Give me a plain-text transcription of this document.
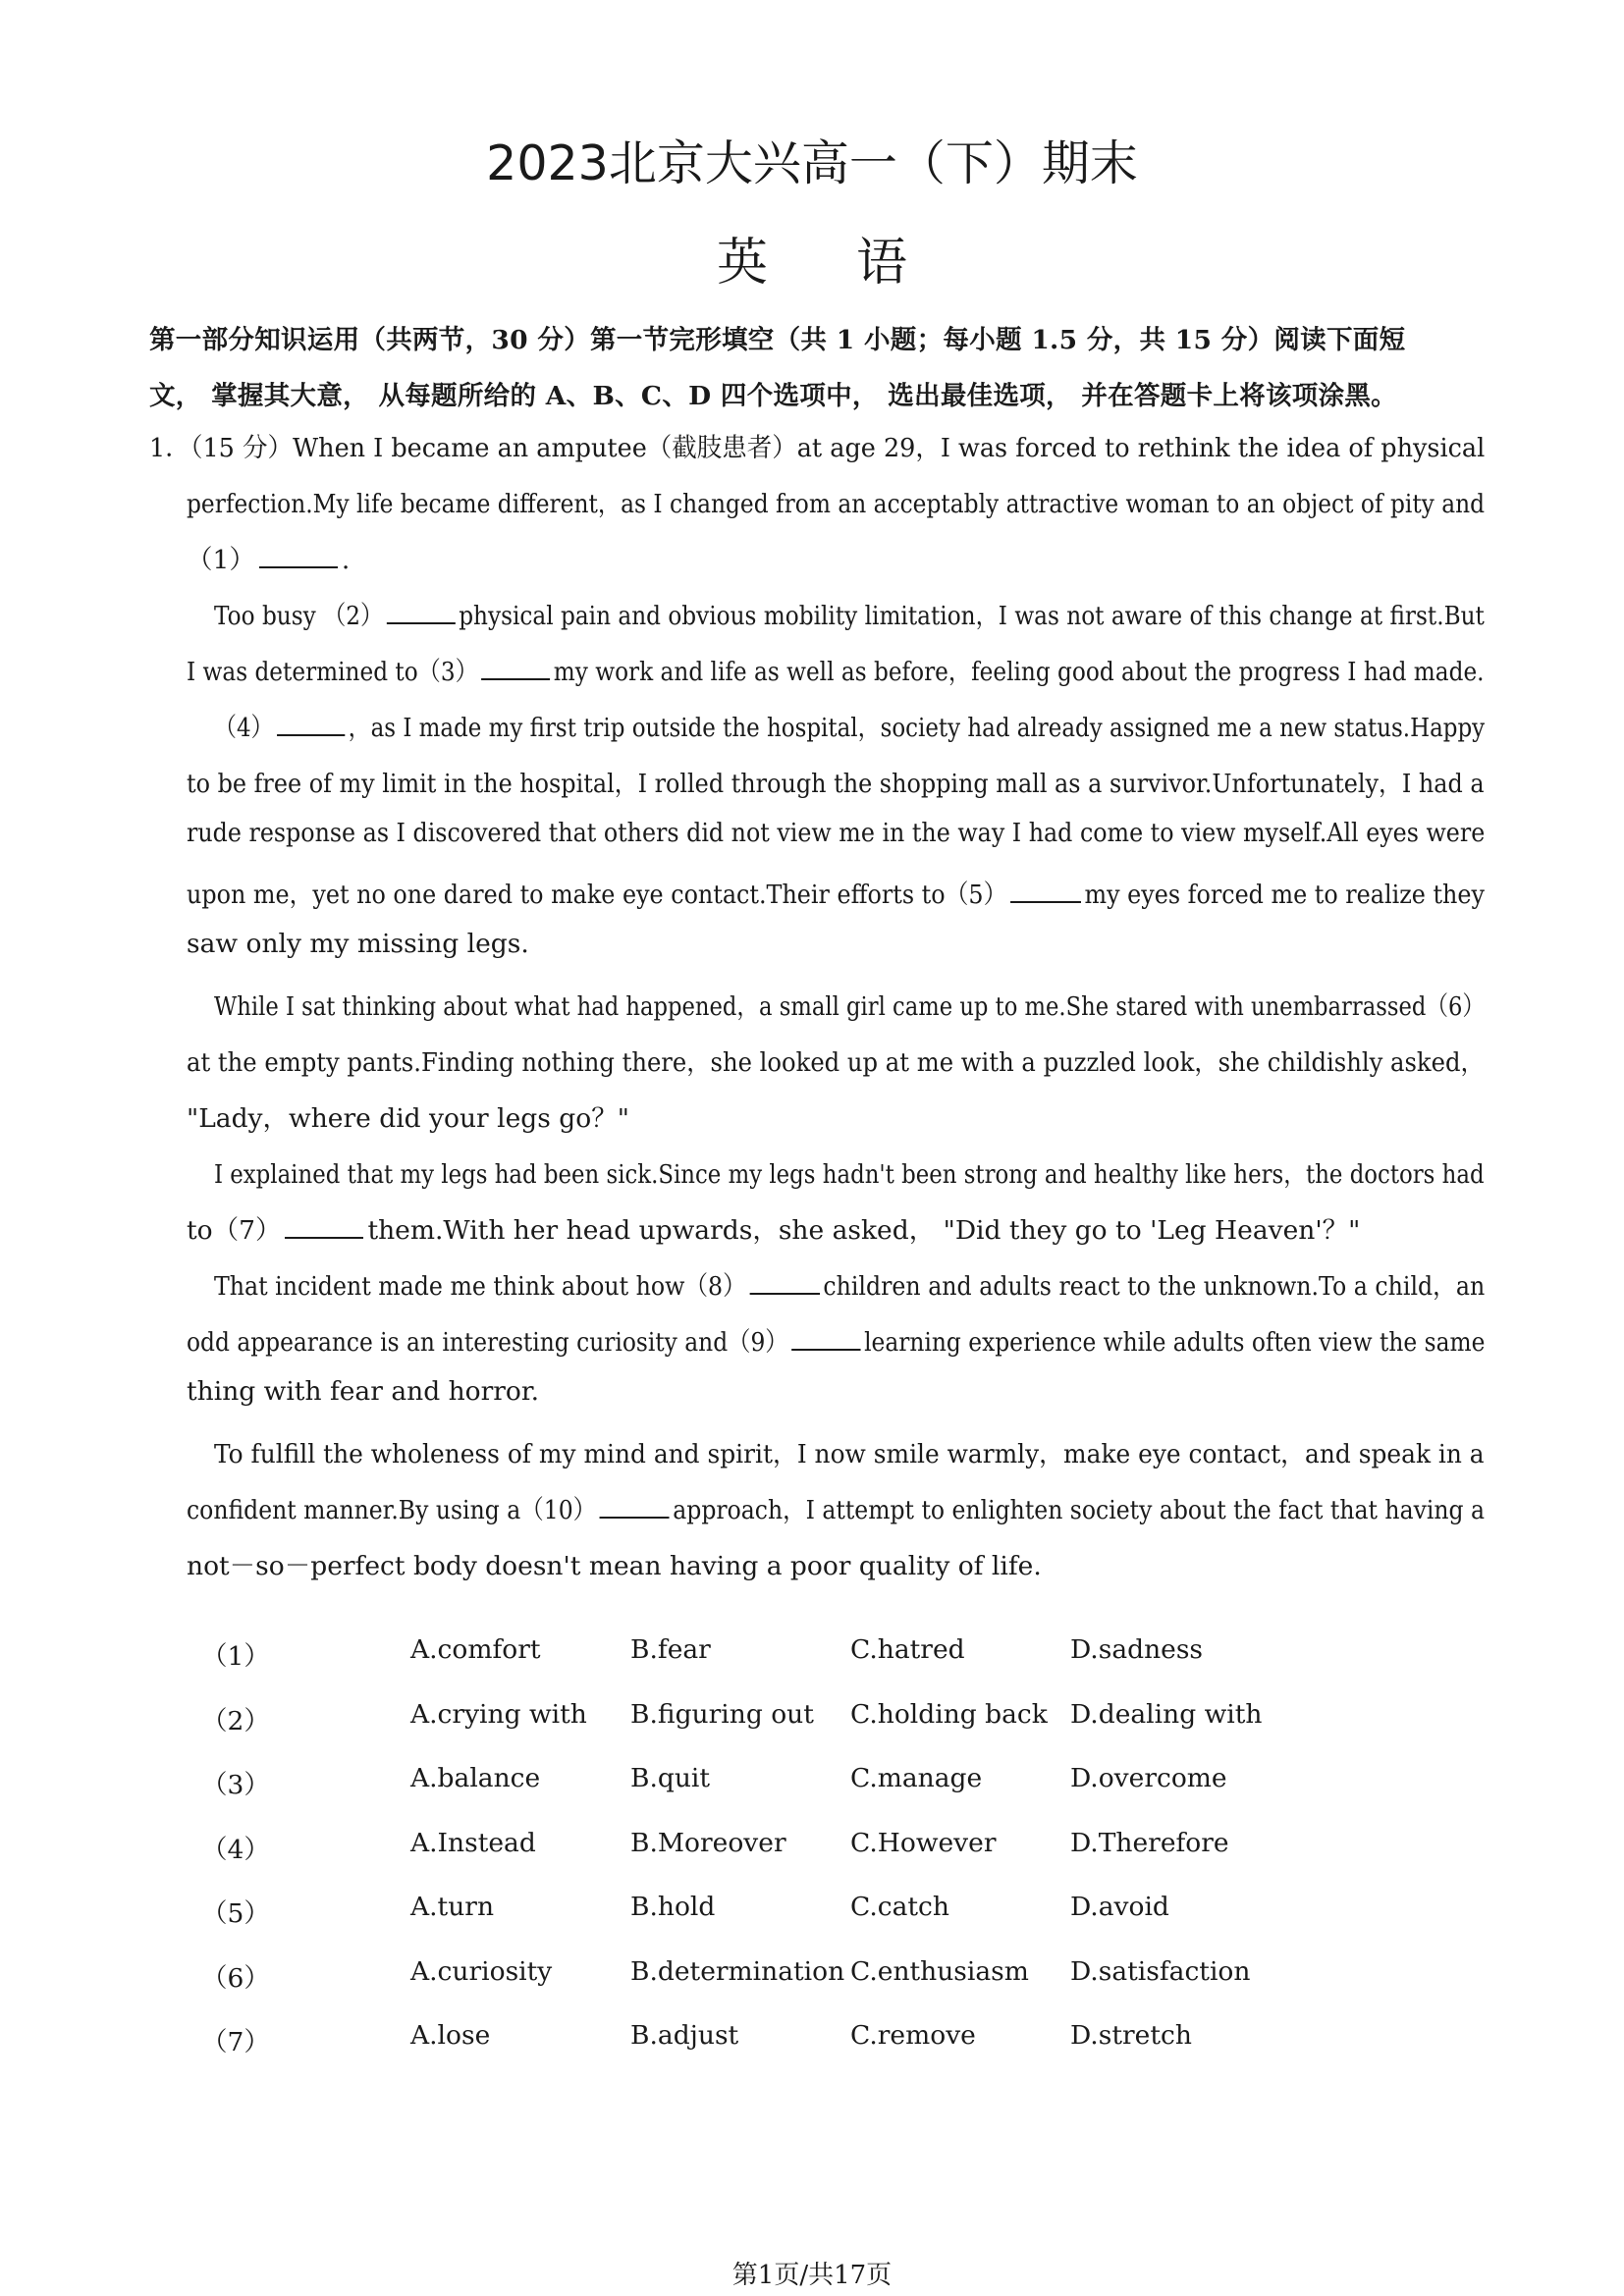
2023北京大兴高一（下）期末
英语
第一部分知识运用（共两节，30 分）第一节完形填空（共 1 小题；每小题 1.5 分，共 15 分）阅读下面短
文， 掌握其大意， 从每题所给的 A、B、C、D 四个选项中， 选出最佳选项， 并在答题卡上将该项涂黑。
1．（15 分）When I became an amputee（截肢患者）at age 29，I was forced to rethink the idea of physical
perfection.My life became different，as I changed from an acceptably attractive woman to an object of pity and
（1）	.
Too busy （2）	physical pain and obvious mobility limitation，I was not aware of this change at first.But
I was determined to（3）	my work and life as well as before，feeling good about the progress I had made.
（4）	，as I made my first trip outside the hospital，society had already assigned me a new status.Happy
to be free of my limit in the hospital，I rolled through the shopping mall as a survivor.Unfortunately，I had a
rude response as I discovered that others did not view me in the way I had come to view myself.All eyes were
upon me，yet no one dared to make eye contact.Their efforts to（5）	my eyes forced me to realize they
saw only my missing legs.
While I sat thinking about what had happened，a small girl came up to me.She stared with unembarrassed（6）
at the empty pants.Finding nothing there，she looked up at me with a puzzled look，she childishly asked，
"Lady，where did your legs go？"
I explained that my legs had been sick.Since my legs hadn't been strong and healthy like hers，the doctors had
to（7）	them.With her head upwards，she asked， "Did they go to 'Leg Heaven'？"
That incident made me think about how（8）	children and adults react to the unknown.To a child，an
odd appearance is an interesting curiosity and（9）	learning experience while adults often view the same
thing with fear and horror.
To fulfill the wholeness of my mind and spirit，I now smile warmly，make eye contact，and speak in a
confident manner.By using a（10）	approach，I attempt to enlighten society about the fact that having a
not－so－perfect body doesn't mean having a poor quality of life.
（1）	A.comfort	B.fear	C.hatred	D.sadness
（2）	A.crying with B.figuring out C.holding back D.dealing with
（3）	A.balance	B.quit	C.manage	D.overcome
（4）	A.Instead	B.Moreover C.However	D.Therefore
（5）	A.turn	B.hold	C.catch	D.avoid
（6）	A.curiosity	B.determination C.enthusiasm D.satisfaction
（7）	A.lose	B.adjust	C.remove	D.stretch
第1页/共17页
